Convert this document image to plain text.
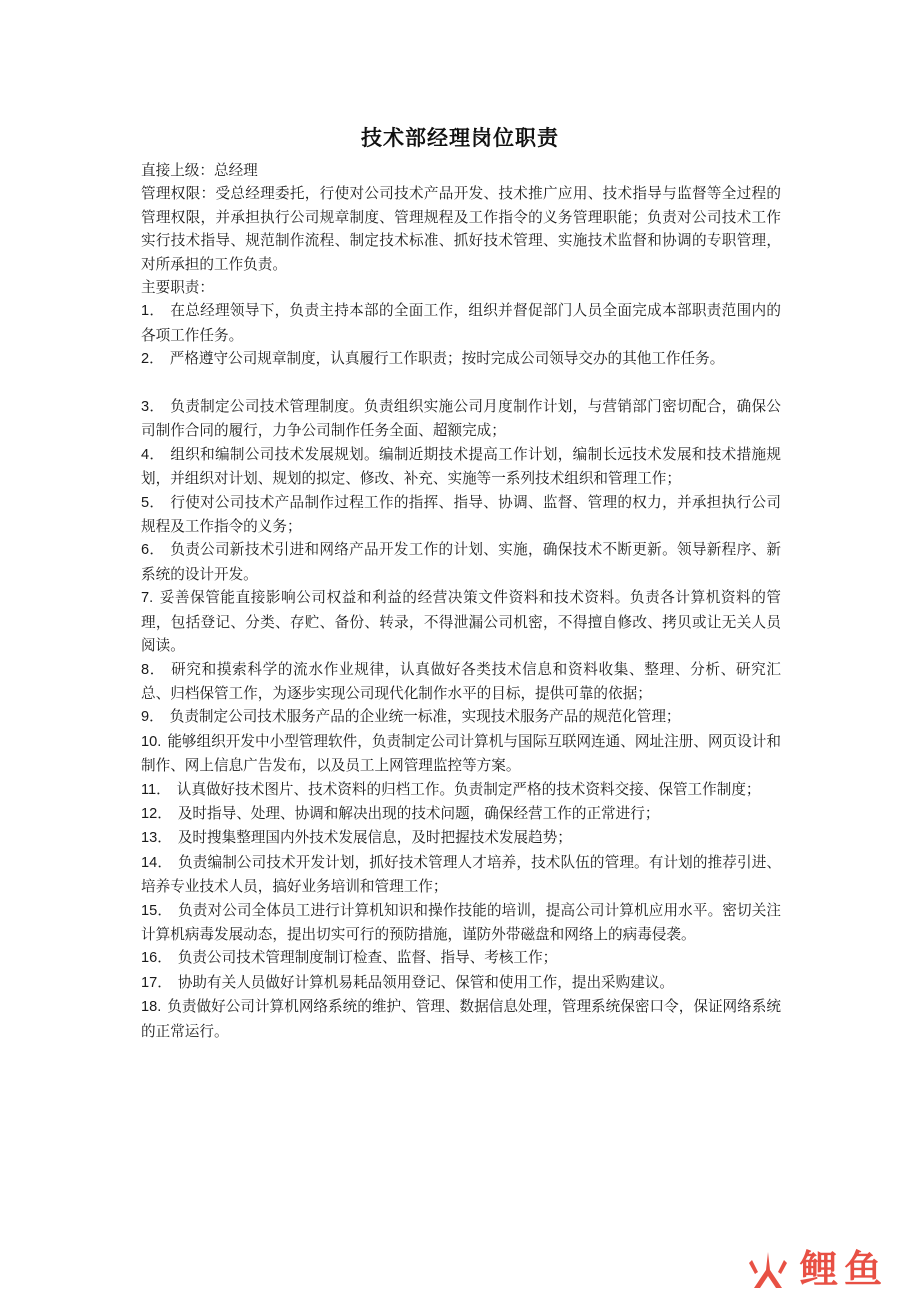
技术部经理岗位职责

直接上级：总经理

管理权限：受总经理委托，行使对公司技术产品开发、技术推广应用、技术指导与监督等全过程的管理权限，并承担执行公司规章制度、管理规程及工作指令的义务管理职能；负责对公司技术工作实行技术指导、规范制作流程、制定技术标准、抓好技术管理、实施技术监督和协调的专职管理，对所承担的工作负责。

主要职责：

1． 在总经理领导下，负责主持本部的全面工作，组织并督促部门人员全面完成本部职责范围内的各项工作任务。

2． 严格遵守公司规章制度，认真履行工作职责；按时完成公司领导交办的其他工作任务。

3． 负责制定公司技术管理制度。负责组织实施公司月度制作计划，与营销部门密切配合，确保公司制作合同的履行，力争公司制作任务全面、超额完成；

4． 组织和编制公司技术发展规划。编制近期技术提高工作计划，编制长远技术发展和技术措施规划，并组织对计划、规划的拟定、修改、补充、实施等一系列技术组织和管理工作；

5． 行使对公司技术产品制作过程工作的指挥、指导、协调、监督、管理的权力，并承担执行公司规程及工作指令的义务；

6． 负责公司新技术引进和网络产品开发工作的计划、实施，确保技术不断更新。领导新程序、新系统的设计开发。

7. 妥善保管能直接影响公司权益和利益的经营决策文件资料和技术资料。负责各计算机资料的管理，包括登记、分类、存贮、备份、转录，不得泄漏公司机密，不得擅自修改、拷贝或让无关人员阅读。

8． 研究和摸索科学的流水作业规律，认真做好各类技术信息和资料收集、整理、分析、研究汇总、归档保管工作，为逐步实现公司现代化制作水平的目标，提供可靠的依据；

9． 负责制定公司技术服务产品的企业统一标准，实现技术服务产品的规范化管理；

10. 能够组织开发中小型管理软件，负责制定公司计算机与国际互联网连通、网址注册、网页设计和制作、网上信息广告发布，以及员工上网管理监控等方案。

11． 认真做好技术图片、技术资料的归档工作。负责制定严格的技术资料交接、保管工作制度；

12． 及时指导、处理、协调和解决出现的技术问题，确保经营工作的正常进行；

13． 及时搜集整理国内外技术发展信息，及时把握技术发展趋势；

14． 负责编制公司技术开发计划，抓好技术管理人才培养，技术队伍的管理。有计划的推荐引进、培养专业技术人员，搞好业务培训和管理工作；

15． 负责对公司全体员工进行计算机知识和操作技能的培训，提高公司计算机应用水平。密切关注计算机病毒发展动态，提出切实可行的预防措施，谨防外带磁盘和网络上的病毒侵袭。

16． 负责公司技术管理制度制订检查、监督、指导、考核工作；

17． 协助有关人员做好计算机易耗品领用登记、保管和使用工作，提出采购建议。

18. 负责做好公司计算机网络系统的维护、管理、数据信息处理，管理系统保密口令，保证网络系统的正常运行。

鲤鱼
